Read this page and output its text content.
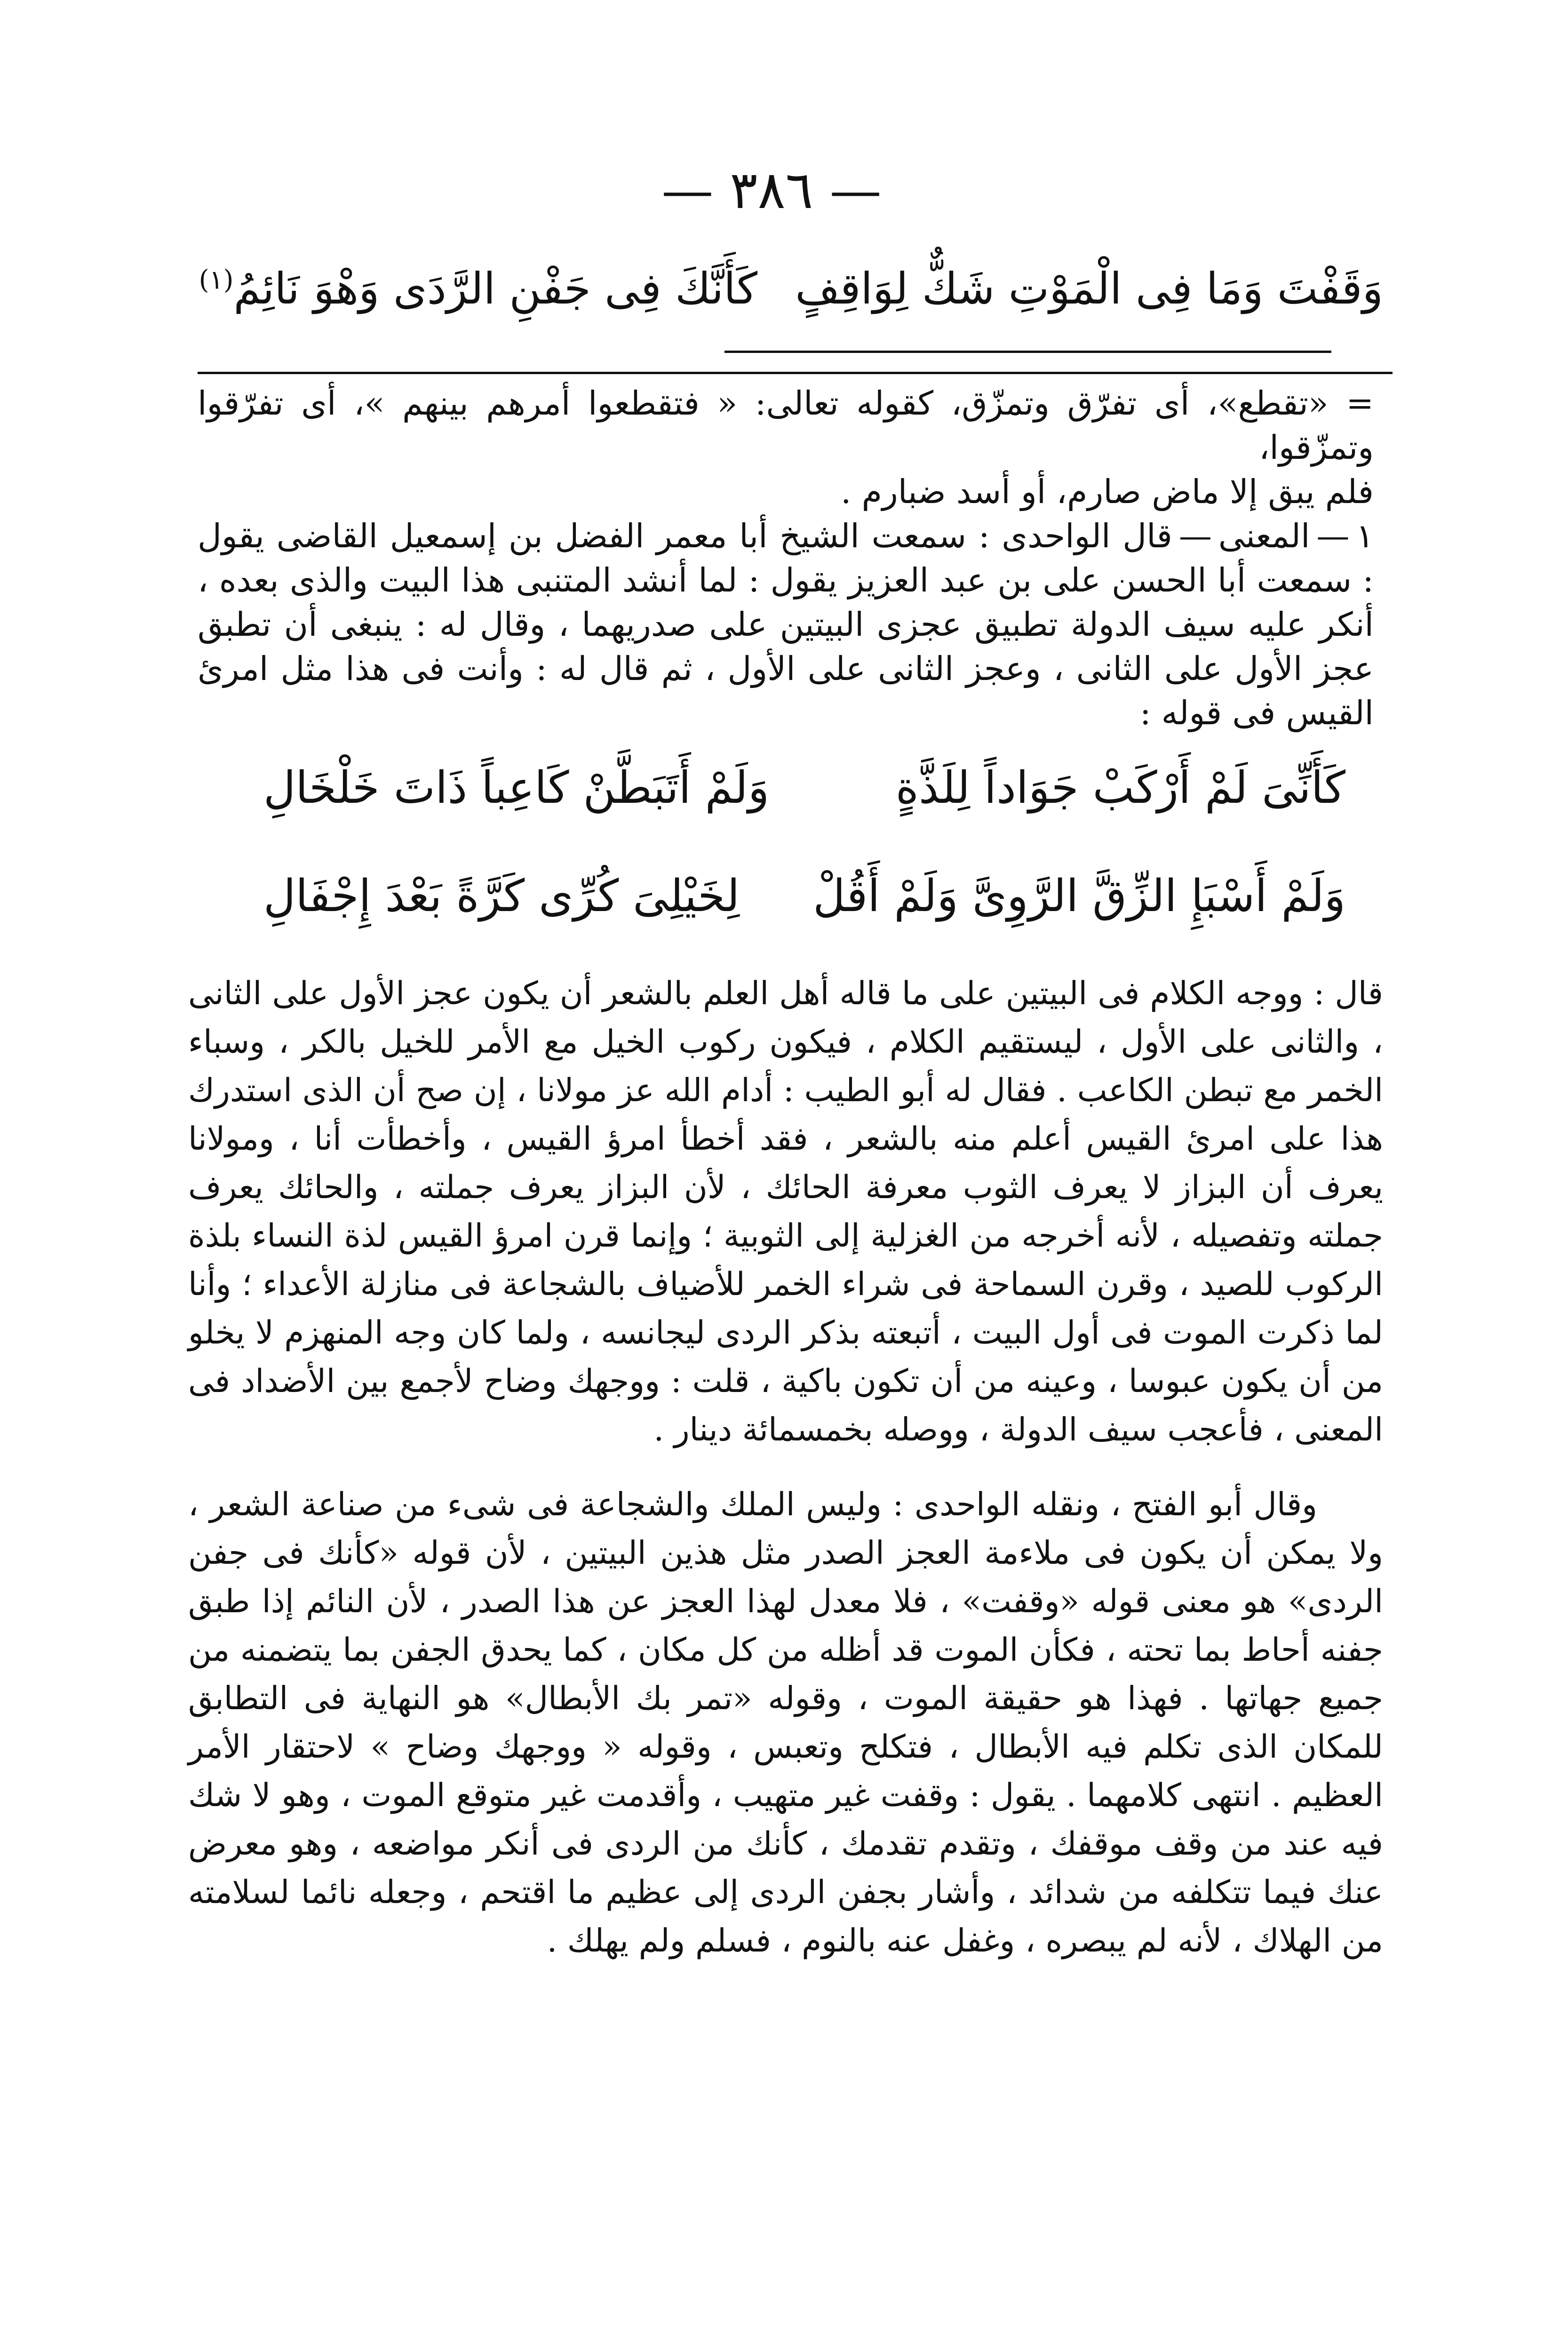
— ٣٨٦ —
وَقَفْتَ وَمَا فِى الْمَوْتِ شَكٌّ لِوَاقِفٍ
كَأَنَّكَ فِى جَفْنِ الرَّدَى وَهْوَ نَائِمُ$^{(١)}$

= «تقطع»، أى تفرّق وتمزّق، كقوله تعالى: « فتقطعوا أمرهم بينهم »، أى تفرّقوا وتمزّقوا،

فلم يبق إلا ماض صارم، أو أسد ضبارم .

١—المعنى—قال الواحدى : سمعت الشيخ أبا معمر الفضل بن إسمعيل القاضى يقول : سمعت أبا الحسن على بن عبد العزيز يقول : لما أنشد المتنبى هذا البيت والذى بعده ، أنكر عليه سيف الدولة تطبيق عجزى البيتين على صدريهما ، وقال له : ينبغى أن تطبق عجز الأول على الثانى ، وعجز الثانى على الأول ، ثم قال له : وأنت فى هذا مثل امرئ القيس فى قوله :

كَأَنِّىَ لَمْ أَرْكَبْ جَوَاداً لِلَذَّةٍ
وَلَمْ أَتَبَطَّنْ كَاعِباً ذَاتَ خَلْخَالِ
وَلَمْ أَسْبَإِ الزِّقَّ الرَّوِىَّ وَلَمْ أَقُلْ
لِخَيْلِىَ كُرِّى كَرَّةً بَعْدَ إِجْفَالِ

قال : ووجه الكلام فى البيتين على ما قاله أهل العلم بالشعر أن يكون عجز الأول على الثانى ، والثانى على الأول ، ليستقيم الكلام ، فيكون ركوب الخيل مع الأمر للخيل بالكر ، وسباء الخمر مع تبطن الكاعب . فقال له أبو الطيب : أدام الله عز مولانا ، إن صح أن الذى استدرك هذا على امرئ القيس أعلم منه بالشعر ، فقد أخطأ امرؤ القيس ، وأخطأت أنا ، ومولانا يعرف أن البزاز لا يعرف الثوب معرفة الحائك ، لأن البزاز يعرف جملته ، والحائك يعرف جملته وتفصيله ، لأنه أخرجه من الغزلية إلى الثوبية ؛ وإنما قرن امرؤ القيس لذة النساء بلذة الركوب للصيد ، وقرن السماحة فى شراء الخمر للأضياف بالشجاعة فى منازلة الأعداء ؛ وأنا لما ذكرت الموت فى أول البيت ، أتبعته بذكر الردى ليجانسه ، ولما كان وجه المنهزم لا يخلو من أن يكون عبوسا ، وعينه من أن تكون باكية ، قلت : ووجهك وضاح لأجمع بين الأضداد فى المعنى ، فأعجب سيف الدولة ، ووصله بخمسمائة دينار .

وقال أبو الفتح ، ونقله الواحدى : وليس الملك والشجاعة فى شىء من صناعة الشعر ، ولا يمكن أن يكون فى ملاءمة العجز الصدر مثل هذين البيتين ، لأن قوله «كأنك فى جفن الردى» هو معنى قوله «وقفت» ، فلا معدل لهذا العجز عن هذا الصدر ، لأن النائم إذا طبق جفنه أحاط بما تحته ، فكأن الموت قد أظله من كل مكان ، كما يحدق الجفن بما يتضمنه من جميع جهاتها . فهذا هو حقيقة الموت ، وقوله «تمر بك الأبطال» هو النهاية فى التطابق للمكان الذى تكلم فيه الأبطال ، فتكلح وتعبس ، وقوله « ووجهك وضاح » لاحتقار الأمر العظيم . انتهى كلامهما . يقول : وقفت غير متهيب ، وأقدمت غير متوقع الموت ، وهو لا شك فيه عند من وقف موقفك ، وتقدم تقدمك ، كأنك من الردى فى أنكر مواضعه ، وهو معرض عنك فيما تتكلفه من شدائد ، وأشار بجفن الردى إلى عظيم ما اقتحم ، وجعله نائما لسلامته من الهلاك ، لأنه لم يبصره ، وغفل عنه بالنوم ، فسلم ولم يهلك .
